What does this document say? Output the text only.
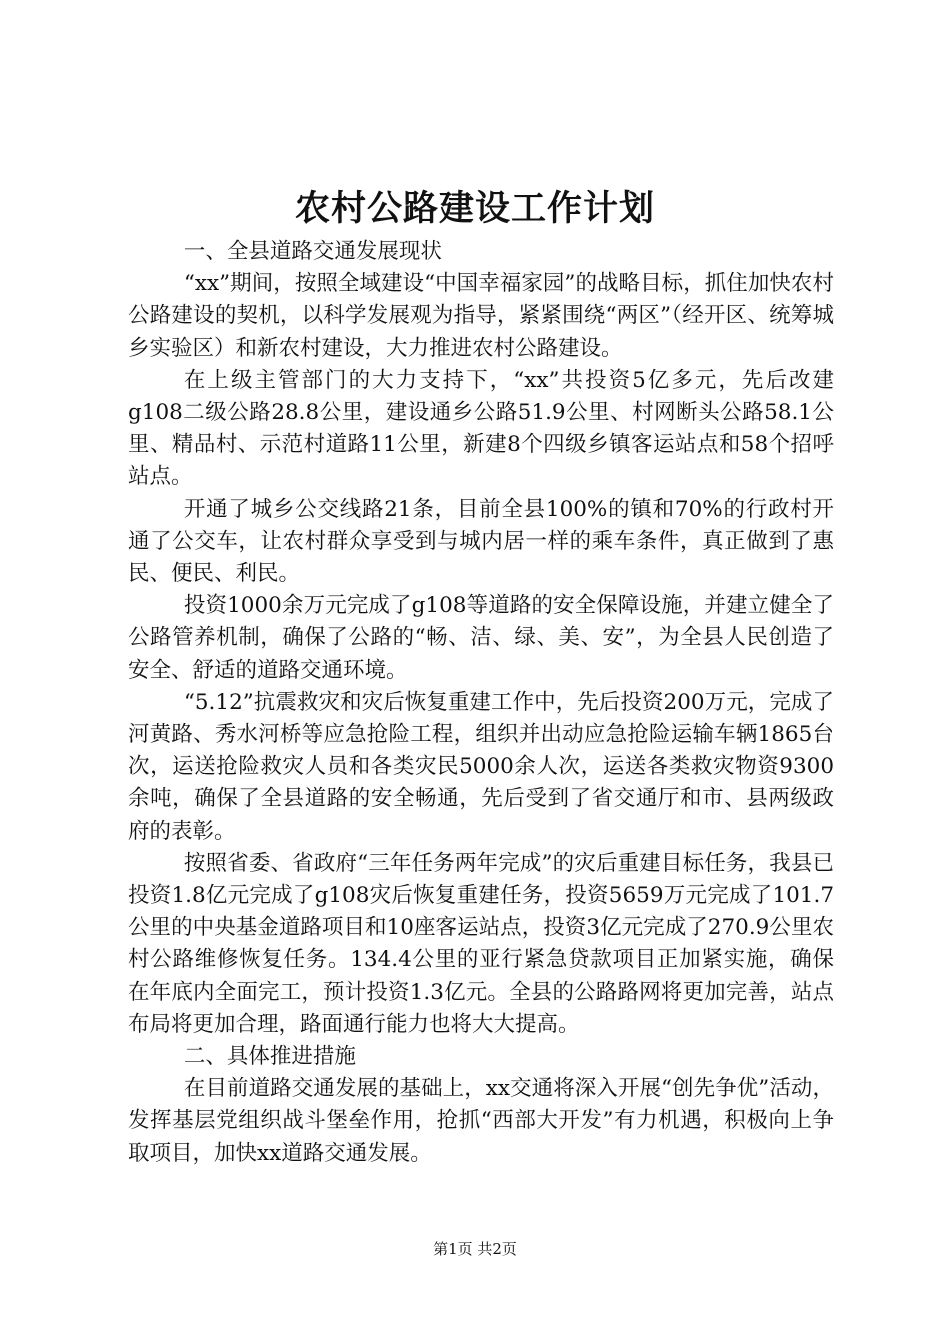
农村公路建设工作计划

一、全县道路交通发展现状

“xx”期间，按照全域建设“中国幸福家园”的战略目标，抓住加快农村公路建设的契机，以科学发展观为指导，紧紧围绕“两区”（经开区、统筹城乡实验区）和新农村建设，大力推进农村公路建设。

在上级主管部门的大力支持下，“xx”共投资5亿多元，先后改建g108二级公路28.8公里，建设通乡公路51.9公里、村网断头公路58.1公里、精品村、示范村道路11公里，新建8个四级乡镇客运站点和58个招呼站点。

开通了城乡公交线路21条，目前全县100%的镇和70%的行政村开通了公交车，让农村群众享受到与城内居一样的乘车条件，真正做到了惠民、便民、利民。

投资1000余万元完成了g108等道路的安全保障设施，并建立健全了公路管养机制，确保了公路的“畅、洁、绿、美、安”，为全县人民创造了安全、舒适的道路交通环境。

“5.12”抗震救灾和灾后恢复重建工作中，先后投资200万元，完成了河黄路、秀水河桥等应急抢险工程，组织并出动应急抢险运输车辆1865台次，运送抢险救灾人员和各类灾民5000余人次，运送各类救灾物资9300余吨，确保了全县道路的安全畅通，先后受到了省交通厅和市、县两级政府的表彰。

按照省委、省政府“三年任务两年完成”的灾后重建目标任务，我县已投资1.8亿元完成了g108灾后恢复重建任务，投资5659万元完成了101.7公里的中央基金道路项目和10座客运站点，投资3亿元完成了270.9公里农村公路维修恢复任务。134.4公里的亚行紧急贷款项目正加紧实施，确保在年底内全面完工，预计投资1.3亿元。全县的公路路网将更加完善，站点布局将更加合理，路面通行能力也将大大提高。

二、具体推进措施

在目前道路交通发展的基础上，xx交通将深入开展“创先争优”活动，发挥基层党组织战斗堡垒作用，抢抓“西部大开发”有力机遇，积极向上争取项目，加快xx道路交通发展。

第1页 共2页
